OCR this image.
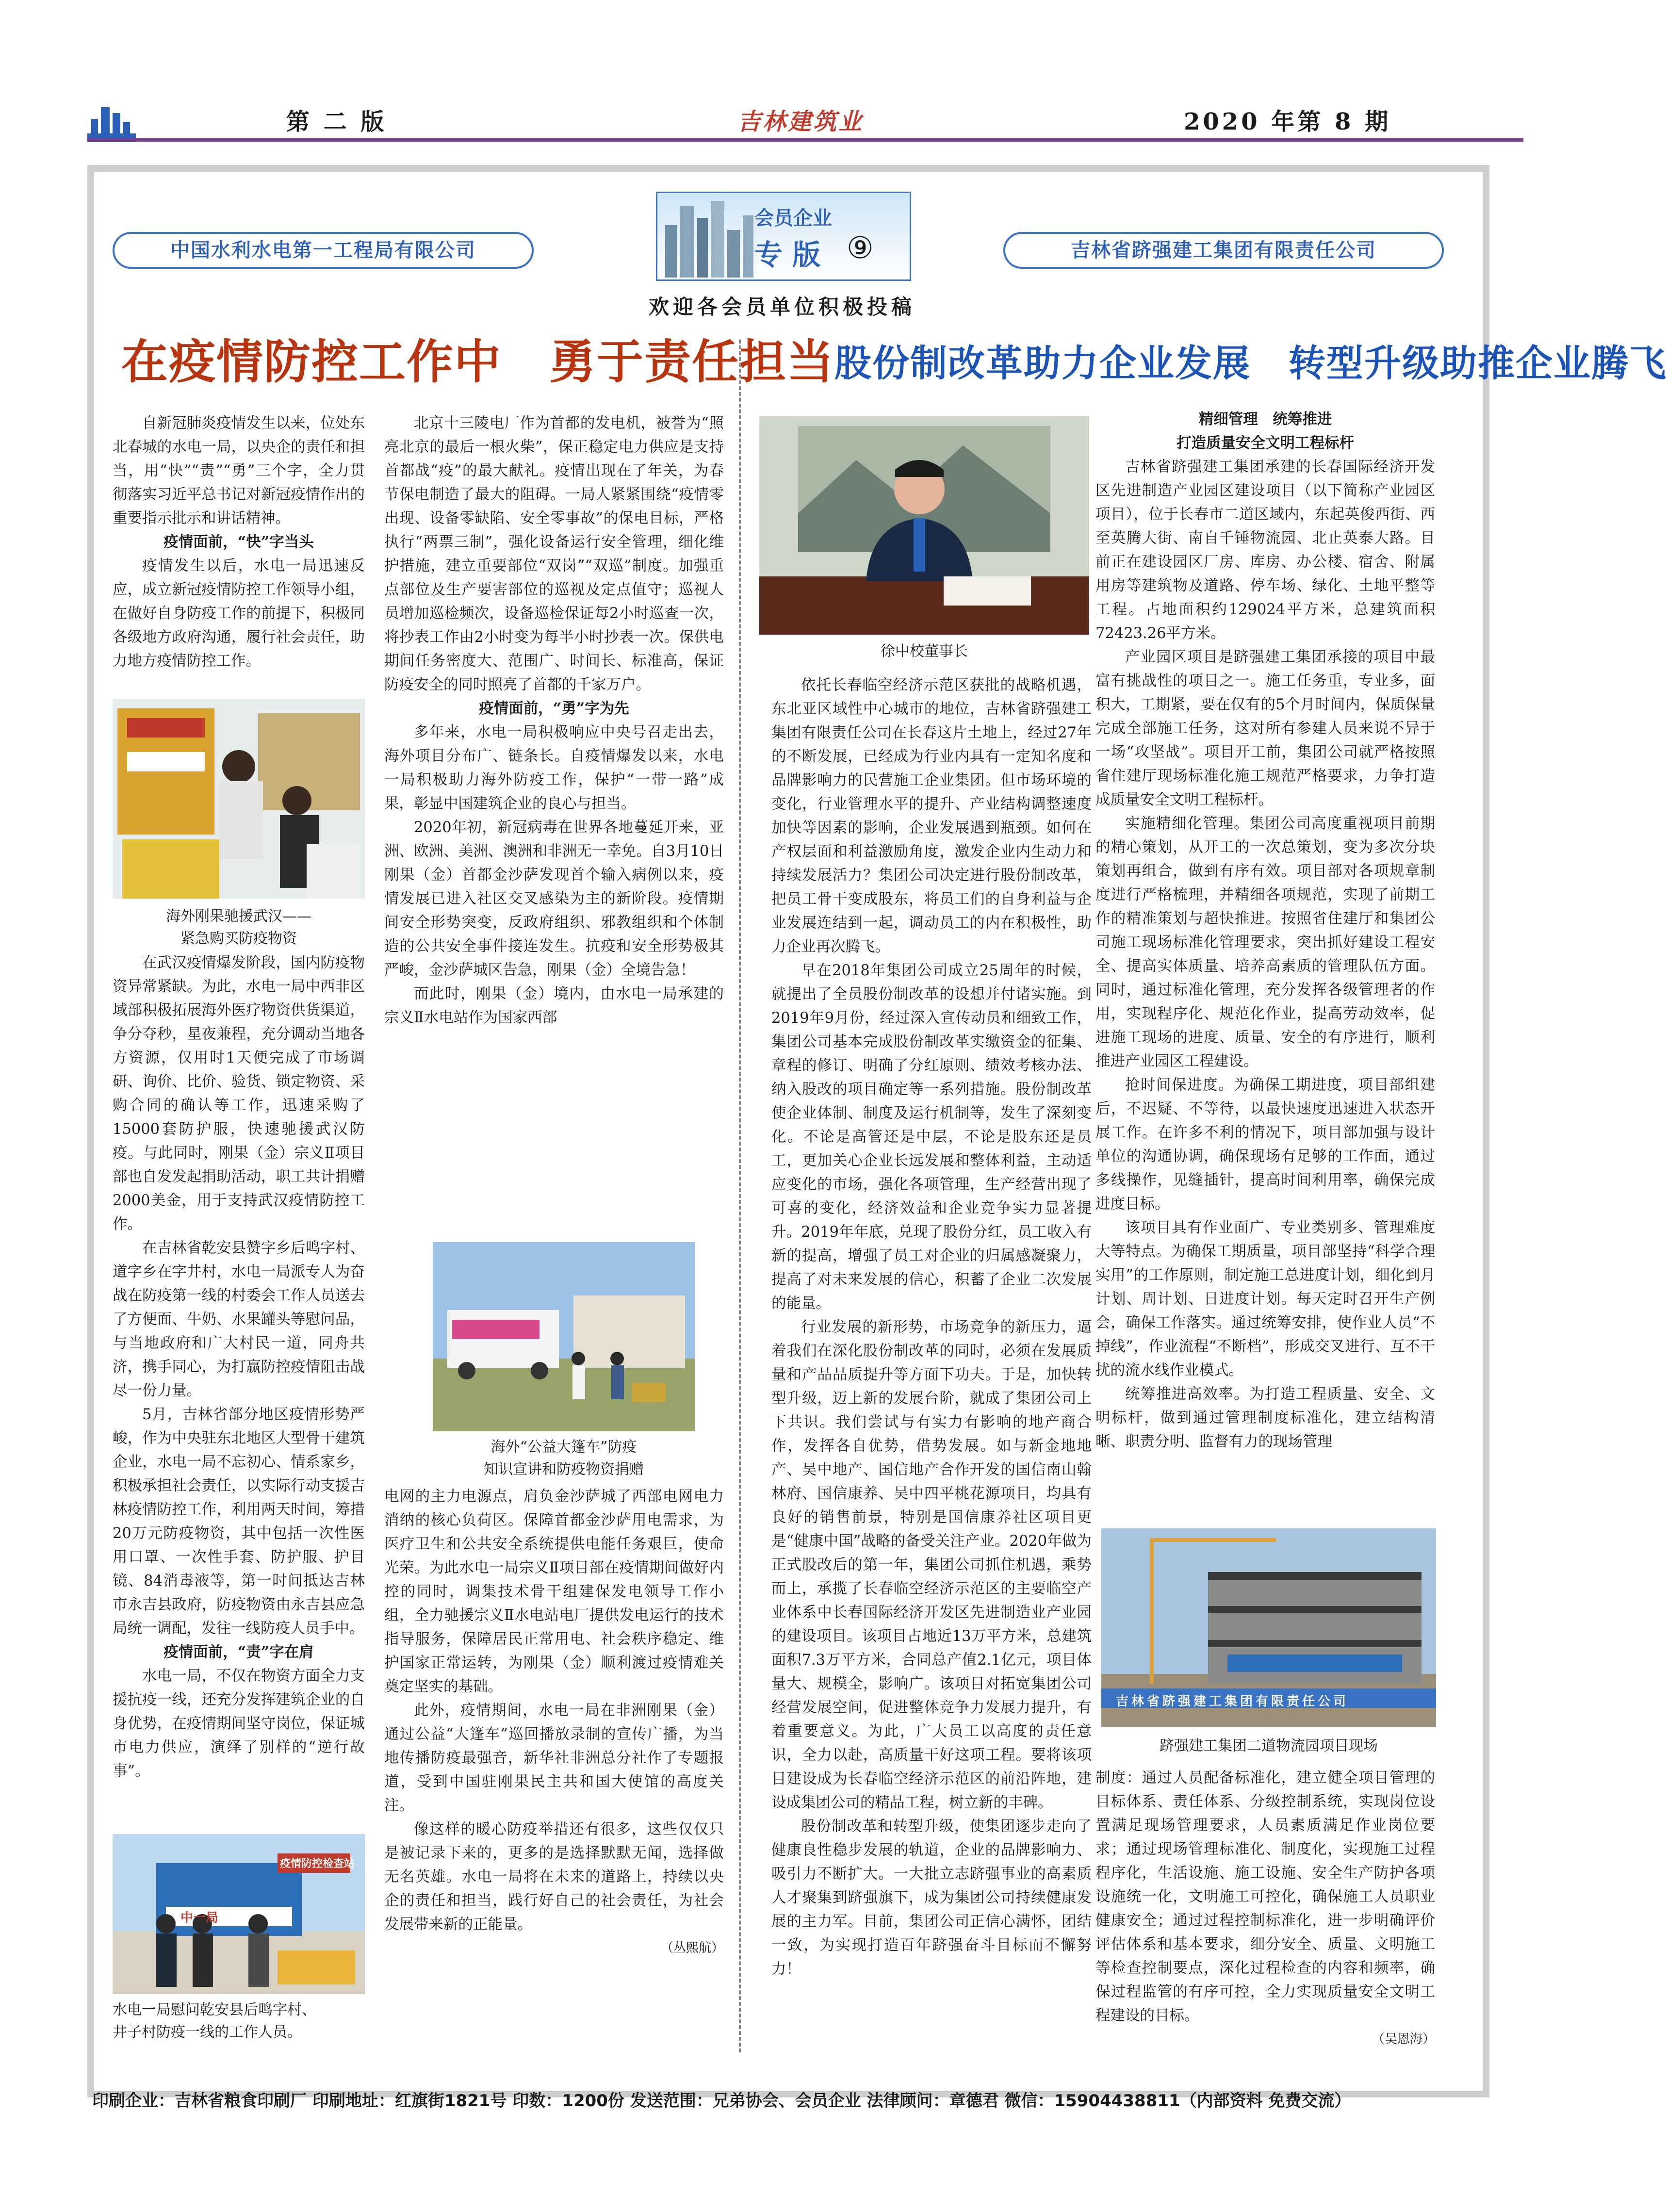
第 二 版	吉林建筑业	2020 年第 8 期
会员企业
专 版 ⑨
中国水利水电第一工程局有限公司	吉林省跻强建工集团有限责任公司
欢迎各会员单位积极投稿
在疫情防控工作中　勇于责任担当 股份制改革助力企业发展　转型升级助推企业腾飞

自新冠肺炎疫情发生以来，位处东北春城的水电一局，以央企的责任和担当，用“快”“责”“勇”三个字，全力贯彻落实习近平总书记对新冠疫情作出的重要指示批示和讲话精神。

疫情面前，“快”字当头

疫情发生以后，水电一局迅速反应，成立新冠疫情防控工作领导小组，在做好自身防疫工作的前提下，积极同各级地方政府沟通，履行社会责任，助力地方疫情防控工作。

海外刚果驰援武汉——
紧急购买防疫物资

在武汉疫情爆发阶段，国内防疫物资异常紧缺。为此，水电一局中西非区域部积极拓展海外医疗物资供货渠道，争分夺秒，星夜兼程，充分调动当地各方资源，仅用时1天便完成了市场调研、询价、比价、验货、锁定物资、采购合同的确认等工作，迅速采购了15000套防护服，快速驰援武汉防疫。与此同时，刚果（金）宗义Ⅱ项目部也自发发起捐助活动，职工共计捐赠2000美金，用于支持武汉疫情防控工作。

在吉林省乾安县赞字乡后鸣字村、道字乡在字井村，水电一局派专人为奋战在防疫第一线的村委会工作人员送去了方便面、牛奶、水果罐头等慰问品，与当地政府和广大村民一道，同舟共济，携手同心，为打赢防控疫情阻击战尽一份力量。

5月，吉林省部分地区疫情形势严峻，作为中央驻东北地区大型骨干建筑企业，水电一局不忘初心、情系家乡，积极承担社会责任，以实际行动支援吉林疫情防控工作，利用两天时间，筹措20万元防疫物资，其中包括一次性医用口罩、一次性手套、防护服、护目镜、84消毒液等，第一时间抵达吉林市永吉县政府，防疫物资由永吉县应急局统一调配，发往一线防疫人员手中。

疫情面前，“责”字在肩

水电一局，不仅在物资方面全力支援抗疫一线，还充分发挥建筑企业的自身优势，在疫情期间坚守岗位，保证城市电力供应，演绎了别样的“逆行故事”。

疫情防控检查站
中一局
水电一局慰问乾安县后鸣字村、
井子村防疫一线的工作人员。

北京十三陵电厂作为首都的发电机，被誉为“照亮北京的最后一根火柴”，保正稳定电力供应是支持首都战“疫”的最大献礼。疫情出现在了年关，为春节保电制造了最大的阻碍。一局人紧紧围绕“疫情零出现、设备零缺陷、安全零事故”的保电目标，严格执行“两票三制”，强化设备运行安全管理，细化维护措施，建立重要部位“双岗”“双巡”制度。加强重点部位及生产要害部位的巡视及定点值守；巡视人员增加巡检频次，设备巡检保证每2小时巡查一次，将抄表工作由2小时变为每半小时抄表一次。保供电期间任务密度大、范围广、时间长、标准高，保证防疫安全的同时照亮了首都的千家万户。

疫情面前，“勇”字为先

多年来，水电一局积极响应中央号召走出去，海外项目分布广、链条长。自疫情爆发以来，水电一局积极助力海外防疫工作，保护“一带一路”成果，彰显中国建筑企业的良心与担当。

2020年初，新冠病毒在世界各地蔓延开来，亚洲、欧洲、美洲、澳洲和非洲无一幸免。自3月10日刚果（金）首都金沙萨发现首个输入病例以来，疫情发展已进入社区交叉感染为主的新阶段。疫情期间安全形势突变，反政府组织、邪教组织和个体制造的公共安全事件接连发生。抗疫和安全形势极其严峻，金沙萨城区告急，刚果（金）全境告急！

而此时，刚果（金）境内，由水电一局承建的宗义Ⅱ水电站作为国家西部

海外“公益大篷车”防疫
知识宣讲和防疫物资捐赠

电网的主力电源点，肩负金沙萨城了西部电网电力消纳的核心负荷区。保障首都金沙萨用电需求，为医疗卫生和公共安全系统提供电能任务艰巨，使命光荣。为此水电一局宗义Ⅱ项目部在疫情期间做好内控的同时，调集技术骨干组建保发电领导工作小组，全力驰援宗义Ⅱ水电站电厂提供发电运行的技术指导服务，保障居民正常用电、社会秩序稳定、维护国家正常运转，为刚果（金）顺利渡过疫情难关奠定坚实的基础。

此外，疫情期间，水电一局在非洲刚果（金）通过公益“大篷车”巡回播放录制的宣传广播，为当地传播防疫最强音，新华社非洲总分社作了专题报道，受到中国驻刚果民主共和国大使馆的高度关注。

像这样的暖心防疫举措还有很多，这些仅仅只是被记录下来的，更多的是选择默默无闻，选择做无名英雄。水电一局将在未来的道路上，持续以央企的责任和担当，践行好自己的社会责任，为社会发展带来新的正能量。

（丛熙航）

徐中校董事长

依托长春临空经济示范区获批的战略机遇，东北亚区域性中心城市的地位，吉林省跻强建工集团有限责任公司在长春这片土地上，经过27年的不断发展，已经成为行业内具有一定知名度和品牌影响力的民营施工企业集团。但市场环境的变化，行业管理水平的提升、产业结构调整速度加快等因素的影响，企业发展遇到瓶颈。如何在产权层面和利益激励角度，激发企业内生动力和持续发展活力？集团公司决定进行股份制改革，把员工骨干变成股东，将员工们的自身利益与企业发展连结到一起，调动员工的内在积极性，助力企业再次腾飞。

早在2018年集团公司成立25周年的时候，就提出了全员股份制改革的设想并付诸实施。到2019年9月份，经过深入宣传动员和细致工作，集团公司基本完成股份制改革实缴资金的征集、章程的修订、明确了分红原则、绩效考核办法、纳入股改的项目确定等一系列措施。股份制改革使企业体制、制度及运行机制等，发生了深刻变化。不论是高管还是中层，不论是股东还是员工，更加关心企业长远发展和整体利益，主动适应变化的市场，强化各项管理，生产经营出现了可喜的变化，经济效益和企业竞争实力显著提升。2019年年底，兑现了股份分红，员工收入有新的提高，增强了员工对企业的归属感凝聚力，提高了对未来发展的信心，积蓄了企业二次发展的能量。

行业发展的新形势，市场竞争的新压力，逼着我们在深化股份制改革的同时，必须在发展质量和产品品质提升等方面下功夫。于是，加快转型升级，迈上新的发展台阶，就成了集团公司上下共识。我们尝试与有实力有影响的地产商合作，发挥各自优势，借势发展。如与新金地地产、吴中地产、国信地产合作开发的国信南山翰林府、国信康养、吴中四平桃花源项目，均具有良好的销售前景，特别是国信康养社区项目更是“健康中国”战略的备受关注产业。2020年做为正式股改后的第一年，集团公司抓住机遇，乘势而上，承揽了长春临空经济示范区的主要临空产业体系中长春国际经济开发区先进制造业产业园的建设项目。该项目占地近13万平方米，总建筑面积7.3万平方米，合同总产值2.1亿元，项目体量大、规模全，影响广。该项目对拓宽集团公司经营发展空间，促进整体竞争力发展力提升，有着重要意义。为此，广大员工以高度的责任意识，全力以赴，高质量干好这项工程。要将该项目建设成为长春临空经济示范区的前沿阵地，建设成集团公司的精品工程，树立新的丰碑。

股份制改革和转型升级，使集团逐步走向了健康良性稳步发展的轨道，企业的品牌影响力、吸引力不断扩大。一大批立志跻强事业的高素质人才聚集到跻强旗下，成为集团公司持续健康发展的主力军。目前，集团公司正信心满怀，团结一致，为实现打造百年跻强奋斗目标而不懈努力！

精细管理　统筹推进

打造质量安全文明工程标杆

吉林省跻强建工集团承建的长春国际经济开发区先进制造产业园区建设项目（以下简称产业园区项目），位于长春市二道区域内，东起英俊西街、西至英腾大街、南自千锤物流园、北止英泰大路。目前正在建设园区厂房、库房、办公楼、宿舍、附属用房等建筑物及道路、停车场、绿化、土地平整等工程。占地面积约129024平方米，总建筑面积72423.26平方米。

产业园区项目是跻强建工集团承接的项目中最富有挑战性的项目之一。施工任务重，专业多，面积大，工期紧，要在仅有的5个月时间内，保质保量完成全部施工任务，这对所有参建人员来说不异于一场“攻坚战”。项目开工前，集团公司就严格按照省住建厅现场标准化施工规范严格要求，力争打造成质量安全文明工程标杆。

实施精细化管理。集团公司高度重视项目前期的精心策划，从开工的一次总策划，变为多次分块策划再组合，做到有序有效。项目部对各项规章制度进行严格梳理，并精细各项规范，实现了前期工作的精准策划与超快推进。按照省住建厅和集团公司施工现场标准化管理要求，突出抓好建设工程安全、提高实体质量、培养高素质的管理队伍方面。同时，通过标准化管理，充分发挥各级管理者的作用，实现程序化、规范化作业，提高劳动效率，促进施工现场的进度、质量、安全的有序进行，顺利推进产业园区工程建设。

抢时间保进度。为确保工期进度，项目部组建后，不迟疑、不等待，以最快速度迅速进入状态开展工作。在许多不利的情况下，项目部加强与设计单位的沟通协调，确保现场有足够的工作面，通过多线操作，见缝插针，提高时间利用率，确保完成进度目标。

该项目具有作业面广、专业类别多、管理难度大等特点。为确保工期质量，项目部坚持“科学合理实用”的工作原则，制定施工总进度计划，细化到月计划、周计划、日进度计划。每天定时召开生产例会，确保工作落实。通过统筹安排，使作业人员“不掉线”，作业流程“不断档”，形成交叉进行、互不干扰的流水线作业模式。

统筹推进高效率。为打造工程质量、安全、文明标杆，做到通过管理制度标准化，建立结构清晰、职责分明、监督有力的现场管理

吉林省跻强建工集团有限责任公司
跻强建工集团二道物流园项目现场

制度：通过人员配备标准化，建立健全项目管理的目标体系、责任体系、分级控制系统，实现岗位设置满足现场管理要求，人员素质满足作业岗位要求；通过现场管理标准化、制度化，实现施工过程程序化，生活设施、施工设施、安全生产防护各项设施统一化，文明施工可控化，确保施工人员职业健康安全；通过过程控制标准化，进一步明确评价评估体系和基本要求，细分安全、质量、文明施工等检查控制要点，深化过程检查的内容和频率，确保过程监管的有序可控，全力实现质量安全文明工程建设的目标。

（吴恩海）

印刷企业：吉林省粮食印刷厂 印刷地址：红旗街1821号 印数：1200份 发送范围：兄弟协会、会员企业 法律顾问：章德君 微信：15904438811（内部资料 免费交流）
